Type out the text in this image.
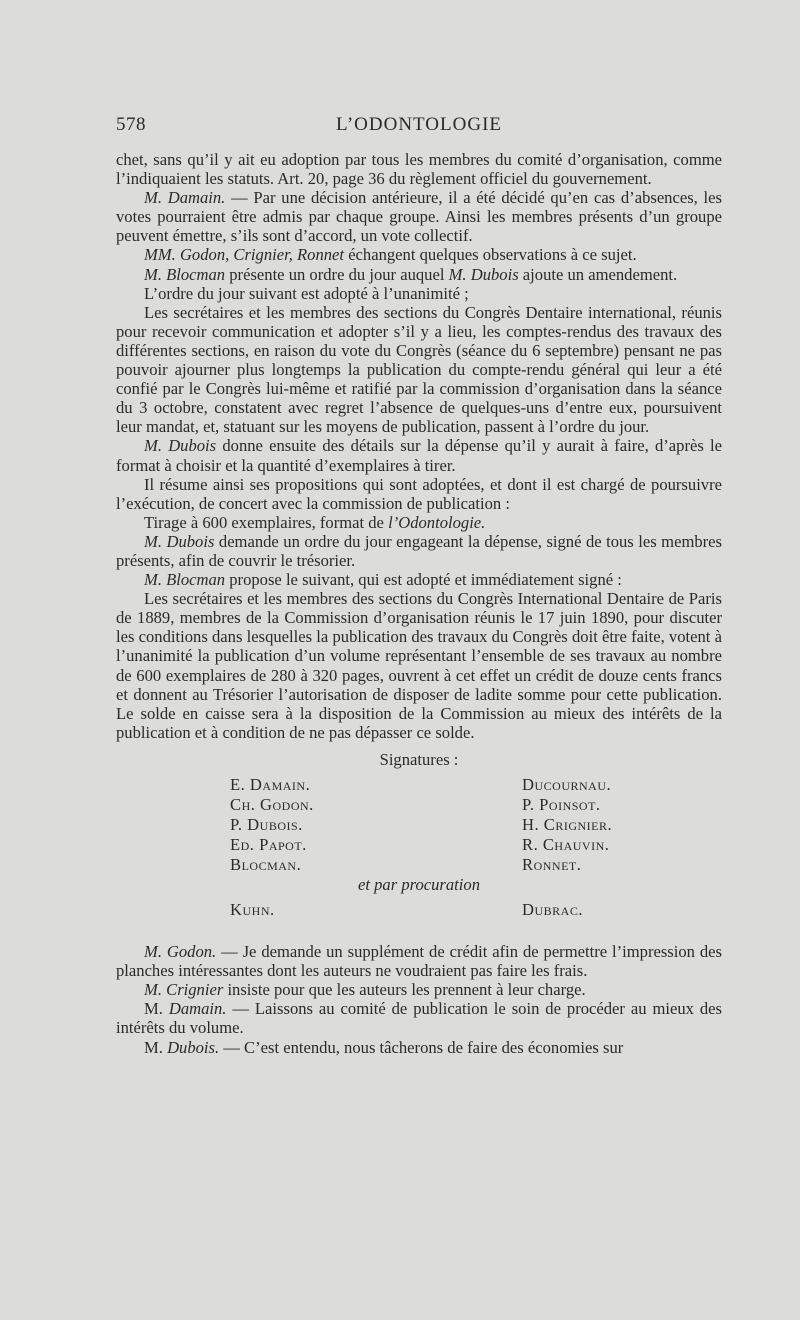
578	L’ODONTOLOGIE

chet, sans qu’il y ait eu adoption par tous les membres du comité d’organisation, comme l’indiquaient les statuts. Art. 20, page 36 du règlement officiel du gouvernement.

M. Damain. — Par une décision antérieure, il a été décidé qu’en cas d’absences, les votes pourraient être admis par chaque groupe. Ainsi les membres présents d’un groupe peuvent émettre, s’ils sont d’accord, un vote collectif.

MM. Godon, Crignier, Ronnet échangent quelques observations à ce sujet.

M. Blocman présente un ordre du jour auquel M. Dubois ajoute un amendement.

L’ordre du jour suivant est adopté à l’unanimité ;

Les secrétaires et les membres des sections du Congrès Dentaire international, réunis pour recevoir communication et adopter s’il y a lieu, les comptes-rendus des travaux des différentes sections, en raison du vote du Congrès (séance du 6 septembre) pensant ne pas pouvoir ajourner plus longtemps la publication du compte-rendu général qui leur a été confié par le Congrès lui-même et ratifié par la commission d’organisation dans la séance du 3 octobre, constatent avec regret l’absence de quelques-uns d’entre eux, poursuivent leur mandat, et, statuant sur les moyens de publication, passent à l’ordre du jour.

M. Dubois donne ensuite des détails sur la dépense qu’il y aurait à faire, d’après le format à choisir et la quantité d’exemplaires à tirer.

Il résume ainsi ses propositions qui sont adoptées, et dont il est chargé de poursuivre l’exécution, de concert avec la commission de publication :

Tirage à 600 exemplaires, format de l’Odontologie.

M. Dubois demande un ordre du jour engageant la dépense, signé de tous les membres présents, afin de couvrir le trésorier.

M. Blocman propose le suivant, qui est adopté et immédiatement signé :

Les secrétaires et les membres des sections du Congrès International Dentaire de Paris de 1889, membres de la Commission d’organisation réunis le 17 juin 1890, pour discuter les conditions dans lesquelles la publication des travaux du Congrès doit être faite, votent à l’unanimité la publication d’un volume représentant l’ensemble de ses travaux au nombre de 600 exemplaires de 280 à 320 pages, ouvrent à cet effet un crédit de douze cents francs et donnent au Trésorier l’autorisation de disposer de ladite somme pour cette publication. Le solde en caisse sera à la disposition de la Commission au mieux des intérêts de la publication et à condition de ne pas dépasser ce solde.

Signatures :
E. Damain.
Ch. Godon.
P. Dubois.
Ed. Papot.
Blocman.
Ducournau.
P. Poinsot.
H. Crignier.
R. Chauvin.
Ronnet.
et par procuration
Kuhn.	Dubrac.

M. Godon. — Je demande un supplément de crédit afin de permettre l’impression des planches intéressantes dont les auteurs ne voudraient pas faire les frais.

M. Crignier insiste pour que les auteurs les prennent à leur charge.

M. Damain. — Laissons au comité de publication le soin de procéder au mieux des intérêts du volume.

M. Dubois. — C’est entendu, nous tâcherons de faire des économies sur
